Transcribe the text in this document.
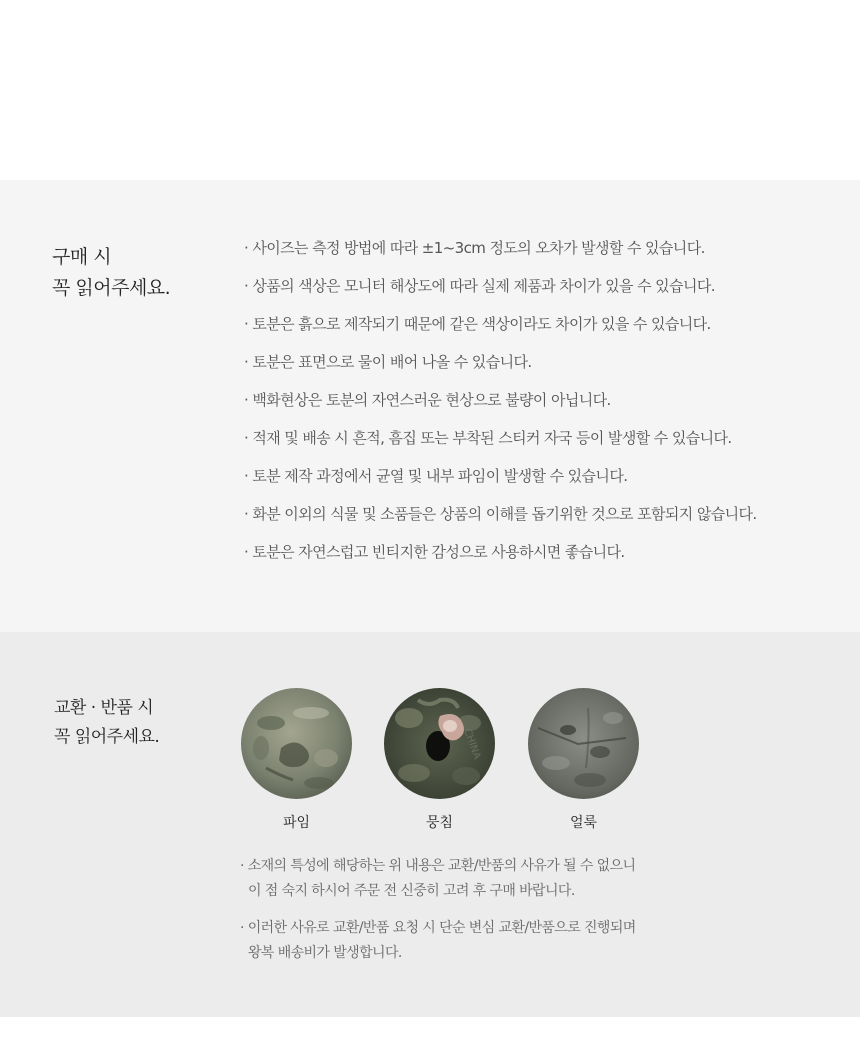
구매 시
꼭 읽어주세요.
· 사이즈는 측정 방법에 따라 ±1~3cm 정도의 오차가 발생할 수 있습니다.
· 상품의 색상은 모니터 해상도에 따라 실제 제품과 차이가 있을 수 있습니다.
· 토분은 흙으로 제작되기 때문에 같은 색상이라도 차이가 있을 수 있습니다.
· 토분은 표면으로 물이 배어 나올 수 있습니다.
· 백화현상은 토분의 자연스러운 현상으로 불량이 아닙니다.
· 적재 및 배송 시 흔적, 흠집 또는 부착된 스티커 자국 등이 발생할 수 있습니다.
· 토분 제작 과정에서 균열 및 내부 파임이 발생할 수 있습니다.
· 화분 이외의 식물 및 소품들은 상품의 이해를 돕기위한 것으로 포함되지 않습니다.
· 토분은 자연스럽고 빈티지한 감성으로 사용하시면 좋습니다.
교환 · 반품 시
꼭 읽어주세요.
파임
CHINA
뭉침	얼룩
· 소재의 특성에 해당하는 위 내용은 교환/반품의 사유가 될 수 없으니
이 점 숙지 하시어 주문 전 신중히 고려 후 구매 바랍니다.
· 이러한 사유로 교환/반품 요청 시 단순 변심 교환/반품으로 진행되며
왕복 배송비가 발생합니다.
